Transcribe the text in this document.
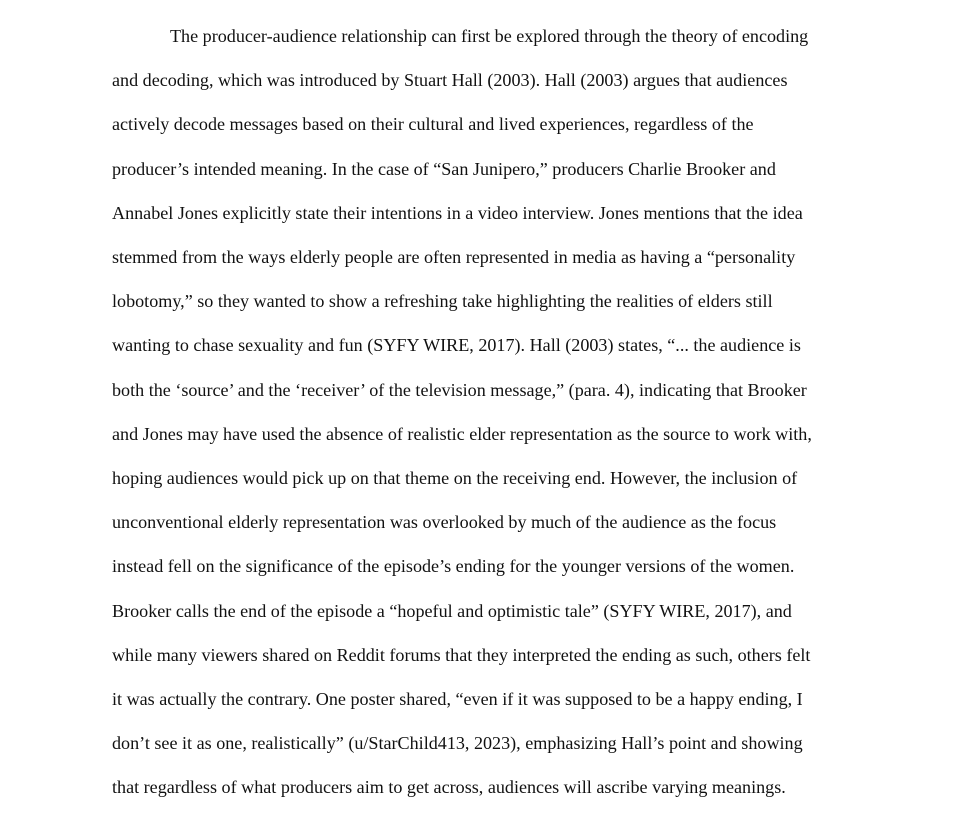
The producer-audience relationship can first be explored through the theory of encoding
and decoding, which was introduced by Stuart Hall (2003). Hall (2003) argues that audiences
actively decode messages based on their cultural and lived experiences, regardless of the
producer’s intended meaning. In the case of “San Junipero,” producers Charlie Brooker and
Annabel Jones explicitly state their intentions in a video interview. Jones mentions that the idea
stemmed from the ways elderly people are often represented in media as having a “personality
lobotomy,” so they wanted to show a refreshing take highlighting the realities of elders still
wanting to chase sexuality and fun (SYFY WIRE, 2017). Hall (2003) states, “... the audience is
both the ‘source’ and the ‘receiver’ of the television message,” (para. 4), indicating that Brooker
and Jones may have used the absence of realistic elder representation as the source to work with,
hoping audiences would pick up on that theme on the receiving end. However, the inclusion of
unconventional elderly representation was overlooked by much of the audience as the focus
instead fell on the significance of the episode’s ending for the younger versions of the women.
Brooker calls the end of the episode a “hopeful and optimistic tale” (SYFY WIRE, 2017), and
while many viewers shared on Reddit forums that they interpreted the ending as such, others felt
it was actually the contrary. One poster shared, “even if it was supposed to be a happy ending, I
don’t see it as one, realistically” (u/StarChild413, 2023), emphasizing Hall’s point and showing
that regardless of what producers aim to get across, audiences will ascribe varying meanings.
